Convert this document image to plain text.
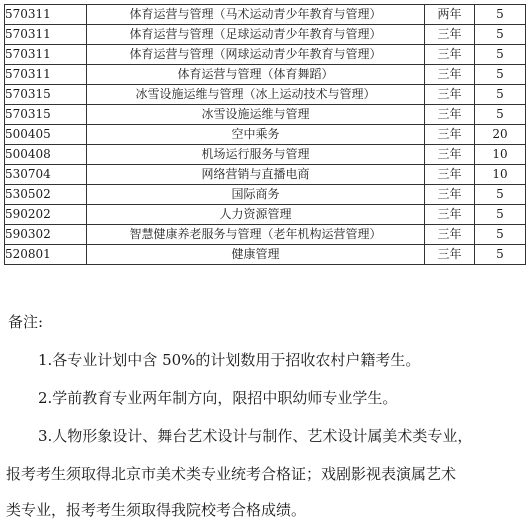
570311	体育运营与管理（马术运动青少年教育与管理）	两年	5
570311	体育运营与管理（足球运动青少年教育与管理）	三年	5
570311	体育运营与管理（网球运动青少年教育与管理）	三年	5
570311	体育运营与管理（体育舞蹈）	三年	5
570315	冰雪设施运维与管理（冰上运动技术与管理）	三年	5
570315	冰雪设施运维与管理	三年	5
500405	空中乘务	三年	20
500408	机场运行服务与管理	三年	10
530704	网络营销与直播电商	三年	10
530502	国际商务	三年	5
590202	人力资源管理	三年	5
590302	智慧健康养老服务与管理（老年机构运营管理）	三年	5
520801	健康管理	三年	5
备注:

1.各专业计划中含 50%的计划数用于招收农村户籍考生。

2.学前教育专业两年制方向，限招中职幼师专业学生。

3.人物形象设计、舞台艺术设计与制作、艺术设计属美术类专业，

报考考生须取得北京市美术类专业统考合格证；戏剧影视表演属艺术

类专业，报考考生须取得我院校考合格成绩。
